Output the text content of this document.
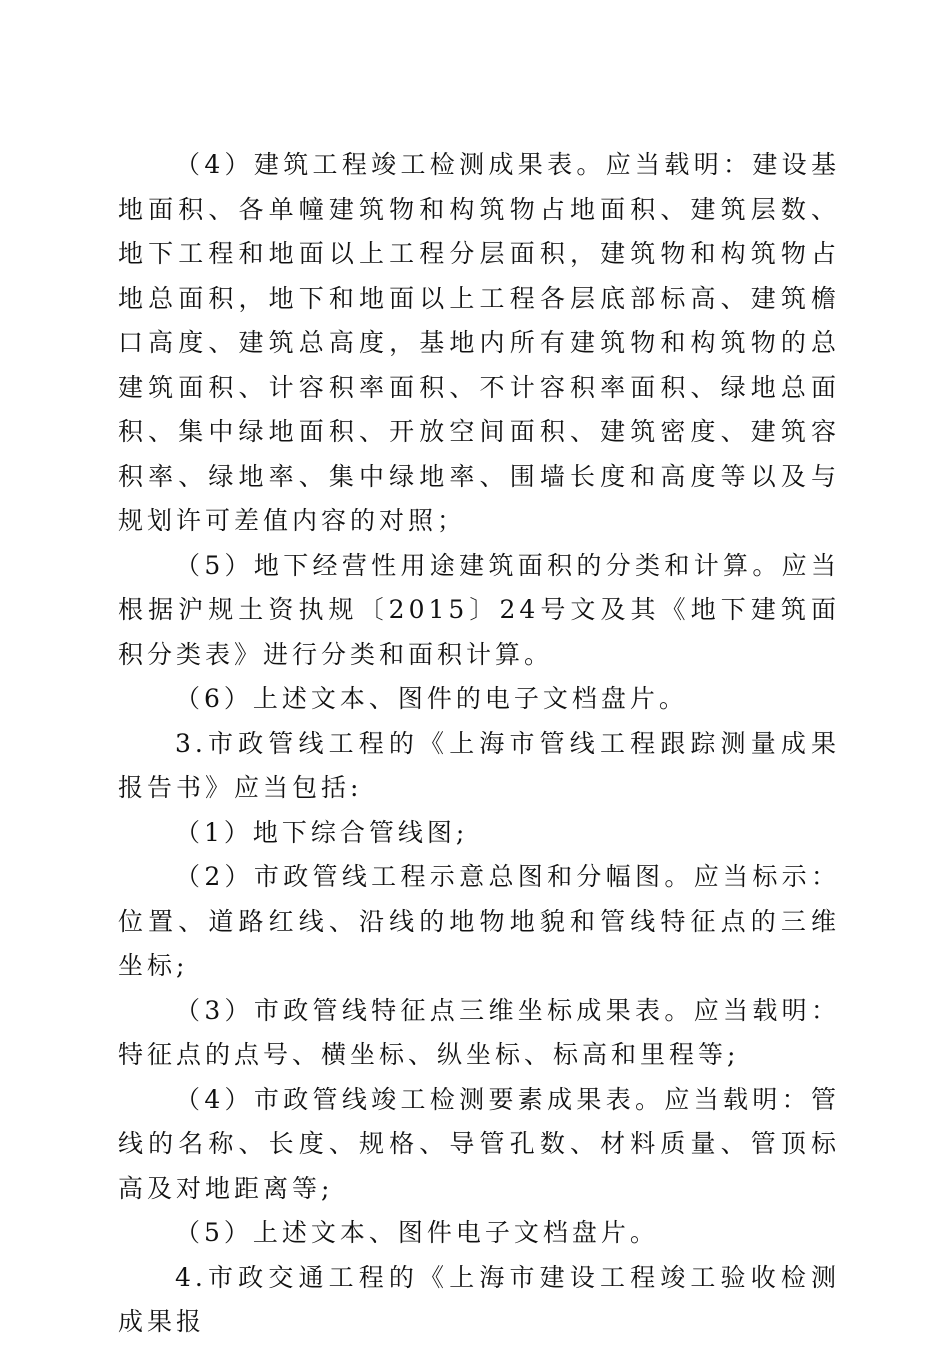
（4）建筑工程竣工检测成果表。应当载明：建设基地面积、各单幢建筑物和构筑物占地面积、建筑层数、地下工程和地面以上工程分层面积，建筑物和构筑物占地总面积，地下和地面以上工程各层底部标高、建筑檐口高度、建筑总高度，基地内所有建筑物和构筑物的总建筑面积、计容积率面积、不计容积率面积、绿地总面积、集中绿地面积、开放空间面积、建筑密度、建筑容积率、绿地率、集中绿地率、围墙长度和高度等以及与规划许可差值内容的对照；

（5）地下经营性用途建筑面积的分类和计算。应当根据沪规土资执规〔2015〕24号文及其《地下建筑面积分类表》进行分类和面积计算。

（6）上述文本、图件的电子文档盘片。

3.市政管线工程的《上海市管线工程跟踪测量成果报告书》应当包括:

（1）地下综合管线图;

（2）市政管线工程示意总图和分幅图。应当标示：位置、道路红线、沿线的地物地貌和管线特征点的三维坐标;

（3）市政管线特征点三维坐标成果表。应当载明：特征点的点号、横坐标、纵坐标、标高和里程等;

（4）市政管线竣工检测要素成果表。应当载明：管线的名称、长度、规格、导管孔数、材料质量、管顶标高及对地距离等;

（5）上述文本、图件电子文档盘片。

4.市政交通工程的《上海市建设工程竣工验收检测成果报
